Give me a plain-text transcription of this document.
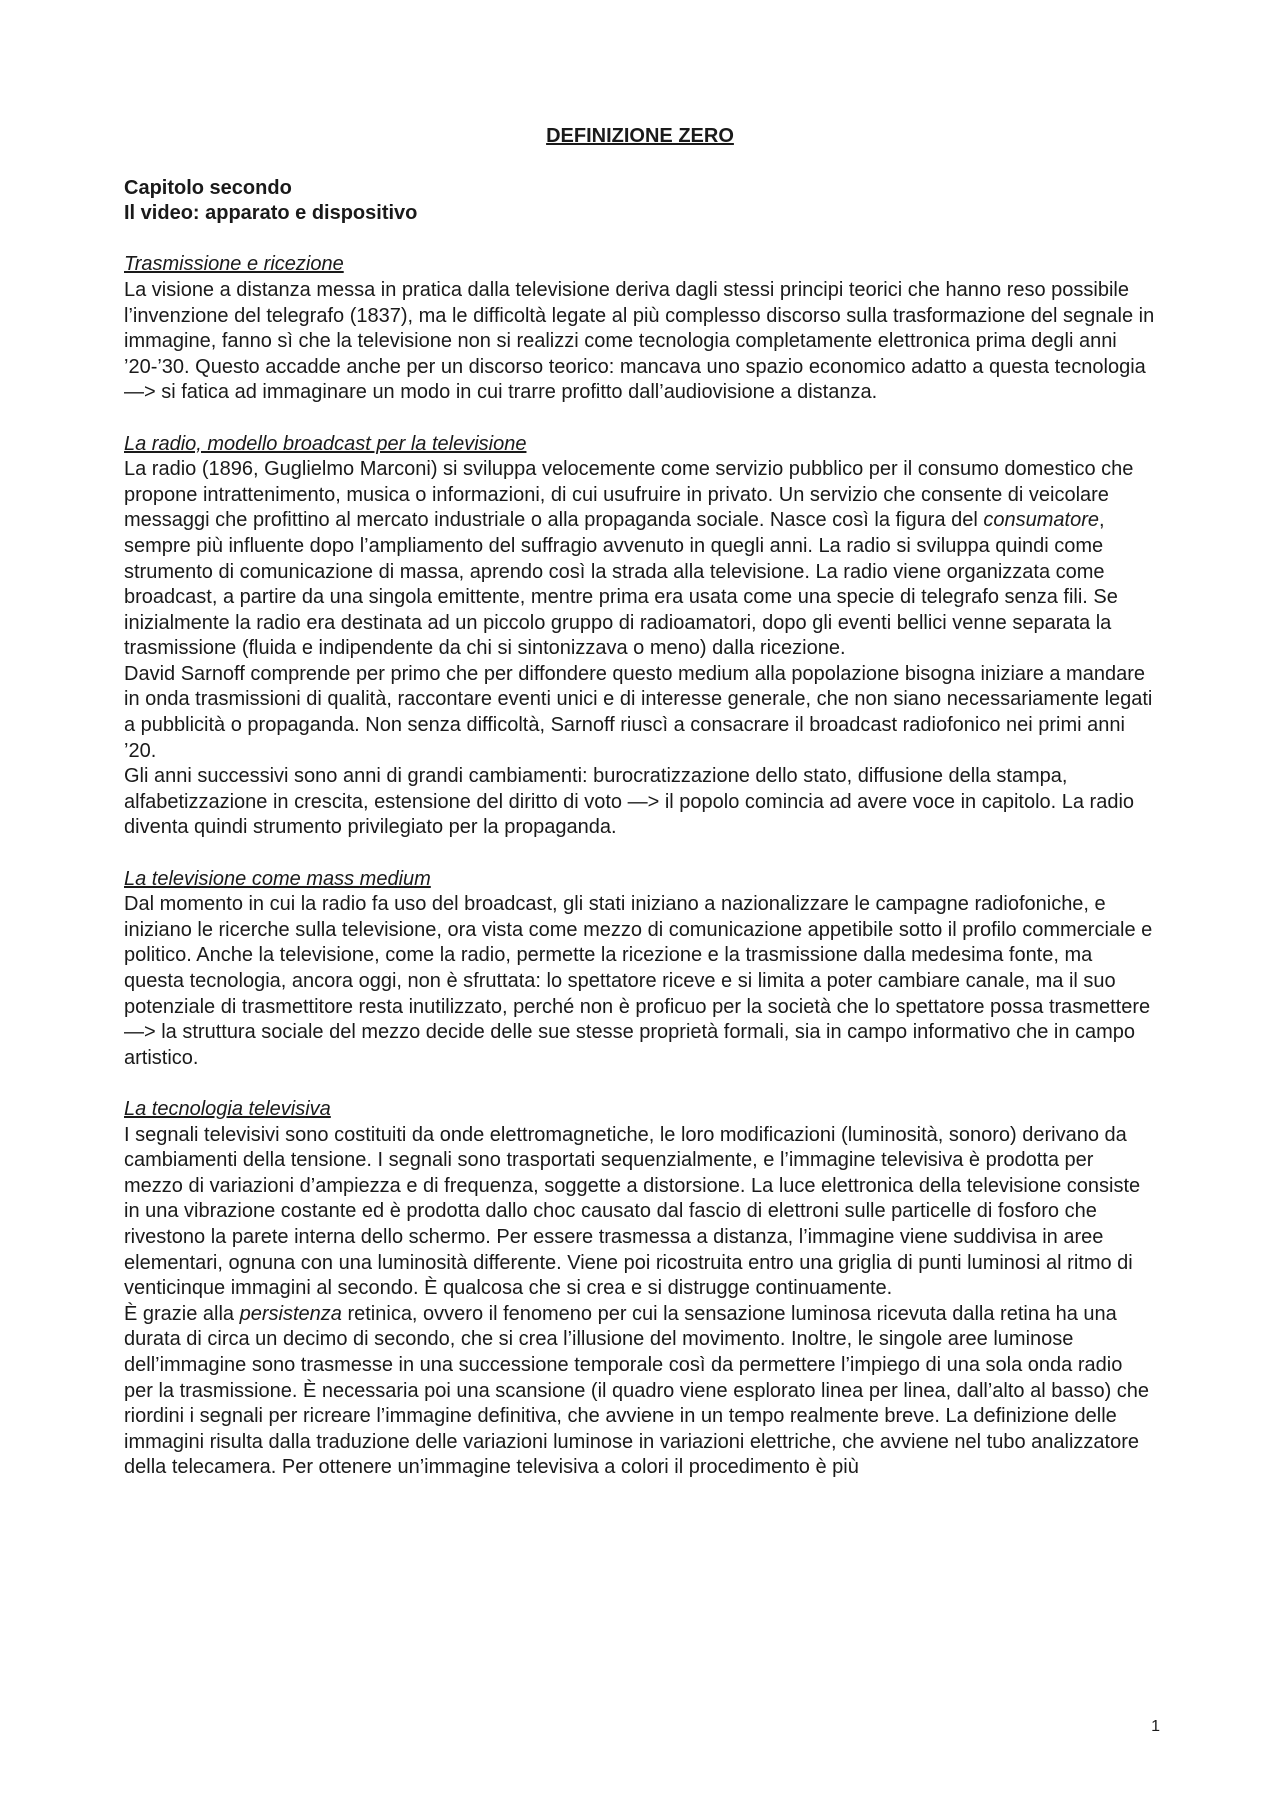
DEFINIZIONE ZERO
Capitolo secondo
Il video: apparato e dispositivo
Trasmissione e ricezione

La visione a distanza messa in pratica dalla televisione deriva dagli stessi principi teorici che hanno reso possibile l’invenzione del telegrafo (1837), ma le difficoltà legate al più complesso discorso sulla trasformazione del segnale in immagine, fanno sì che la televisione non si realizzi come tecnologia completamente elettronica prima degli anni ’20-’30. Questo accadde anche per un discorso teorico: mancava uno spazio economico adatto a questa tecnologia —> si fatica ad immaginare un modo in cui trarre profitto dall’audiovisione a distanza.

La radio, modello broadcast per la televisione

La radio (1896, Guglielmo Marconi) si sviluppa velocemente come servizio pubblico per il consumo domestico che propone intrattenimento, musica o informazioni, di cui usufruire in privato. Un servizio che consente di veicolare messaggi che profittino al mercato industriale o alla propaganda sociale. Nasce così la figura del consumatore, sempre più influente dopo l’ampliamento del suffragio avvenuto in quegli anni. La radio si sviluppa quindi come strumento di comunicazione di massa, aprendo così la strada alla televisione. La radio viene organizzata come broadcast, a partire da una singola emittente, mentre prima era usata come una specie di telegrafo senza fili. Se inizialmente la radio era destinata ad un piccolo gruppo di radioamatori, dopo gli eventi bellici venne separata la trasmissione (fluida e indipendente da chi si sintonizzava o meno) dalla ricezione.

David Sarnoff comprende per primo che per diffondere questo medium alla popolazione bisogna iniziare a mandare in onda trasmissioni di qualità, raccontare eventi unici e di interesse generale, che non siano necessariamente legati a pubblicità o propaganda. Non senza difficoltà, Sarnoff riuscì a consacrare il broadcast radiofonico nei primi anni ’20.

Gli anni successivi sono anni di grandi cambiamenti: burocratizzazione dello stato, diffusione della stampa, alfabetizzazione in crescita, estensione del diritto di voto —> il popolo comincia ad avere voce in capitolo. La radio diventa quindi strumento privilegiato per la propaganda.

La televisione come mass medium

Dal momento in cui la radio fa uso del broadcast, gli stati iniziano a nazionalizzare le campagne radiofoniche, e iniziano le ricerche sulla televisione, ora vista come mezzo di comunicazione appetibile sotto il profilo commerciale e politico. Anche la televisione, come la radio, permette la ricezione e la trasmissione dalla medesima fonte, ma questa tecnologia, ancora oggi, non è sfruttata: lo spettatore riceve e si limita a poter cambiare canale, ma il suo potenziale di trasmettitore resta inutilizzato, perché non è proficuo per la società che lo spettatore possa trasmettere —> la struttura sociale del mezzo decide delle sue stesse proprietà formali, sia in campo informativo che in campo artistico.

La tecnologia televisiva

I segnali televisivi sono costituiti da onde elettromagnetiche, le loro modificazioni (luminosità, sonoro) derivano da cambiamenti della tensione. I segnali sono trasportati sequenzialmente, e l’immagine televisiva è prodotta per mezzo di variazioni d’ampiezza e di frequenza, soggette a distorsione. La luce elettronica della televisione consiste in una vibrazione costante ed è prodotta dallo choc causato dal fascio di elettroni sulle particelle di fosforo che rivestono la parete interna dello schermo. Per essere trasmessa a distanza, l’immagine viene suddivisa in aree elementari, ognuna con una luminosità differente. Viene poi ricostruita entro una griglia di punti luminosi al ritmo di venticinque immagini al secondo. È qualcosa che si crea e si distrugge continuamente.

È grazie alla persistenza retinica, ovvero il fenomeno per cui la sensazione luminosa ricevuta dalla retina ha una durata di circa un decimo di secondo, che si crea l’illusione del movimento. Inoltre, le singole aree luminose dell’immagine sono trasmesse in una successione temporale così da permettere l’impiego di una sola onda radio per la trasmissione. È necessaria poi una scansione (il quadro viene esplorato linea per linea, dall’alto al basso) che riordini i segnali per ricreare l’immagine definitiva, che avviene in un tempo realmente breve. La definizione delle immagini risulta dalla traduzione delle variazioni luminose in variazioni elettriche, che avviene nel tubo analizzatore della telecamera. Per ottenere un’immagine televisiva a colori il procedimento è più

1
